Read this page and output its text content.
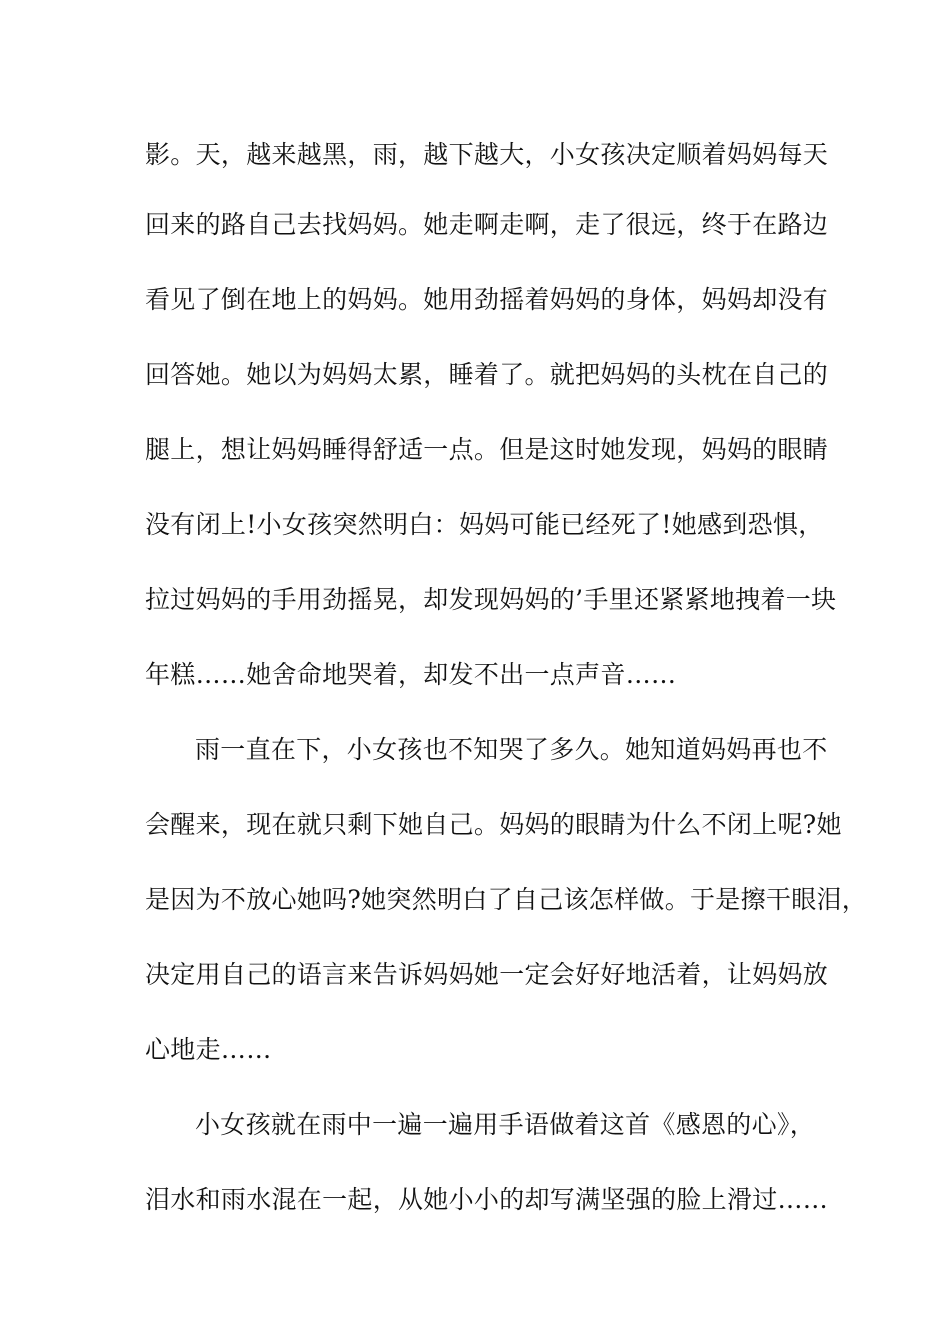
影。天，越来越黑，雨，越下越大，小女孩决定顺着妈妈每天
回来的路自己去找妈妈。她走啊走啊，走了很远，终于在路边
看见了倒在地上的妈妈。她用劲摇着妈妈的身体，妈妈却没有
回答她。她以为妈妈太累，睡着了。就把妈妈的头枕在自己的
腿上，想让妈妈睡得舒适一点。但是这时她发现，妈妈的眼睛
没有闭上!小女孩突然明白：妈妈可能已经死了!她感到恐惧，
拉过妈妈的手用劲摇晃，却发现妈妈的’手里还紧紧地拽着一块
年糕……她舍命地哭着，却发不出一点声音……
雨一直在下，小女孩也不知哭了多久。她知道妈妈再也不
会醒来，现在就只剩下她自己。妈妈的眼睛为什么不闭上呢?她
是因为不放心她吗?她突然明白了自己该怎样做。于是擦干眼泪，
决定用自己的语言来告诉妈妈她一定会好好地活着，让妈妈放
心地走……
小女孩就在雨中一遍一遍用手语做着这首《感恩的心》，
泪水和雨水混在一起，从她小小的却写满坚强的脸上滑过……
